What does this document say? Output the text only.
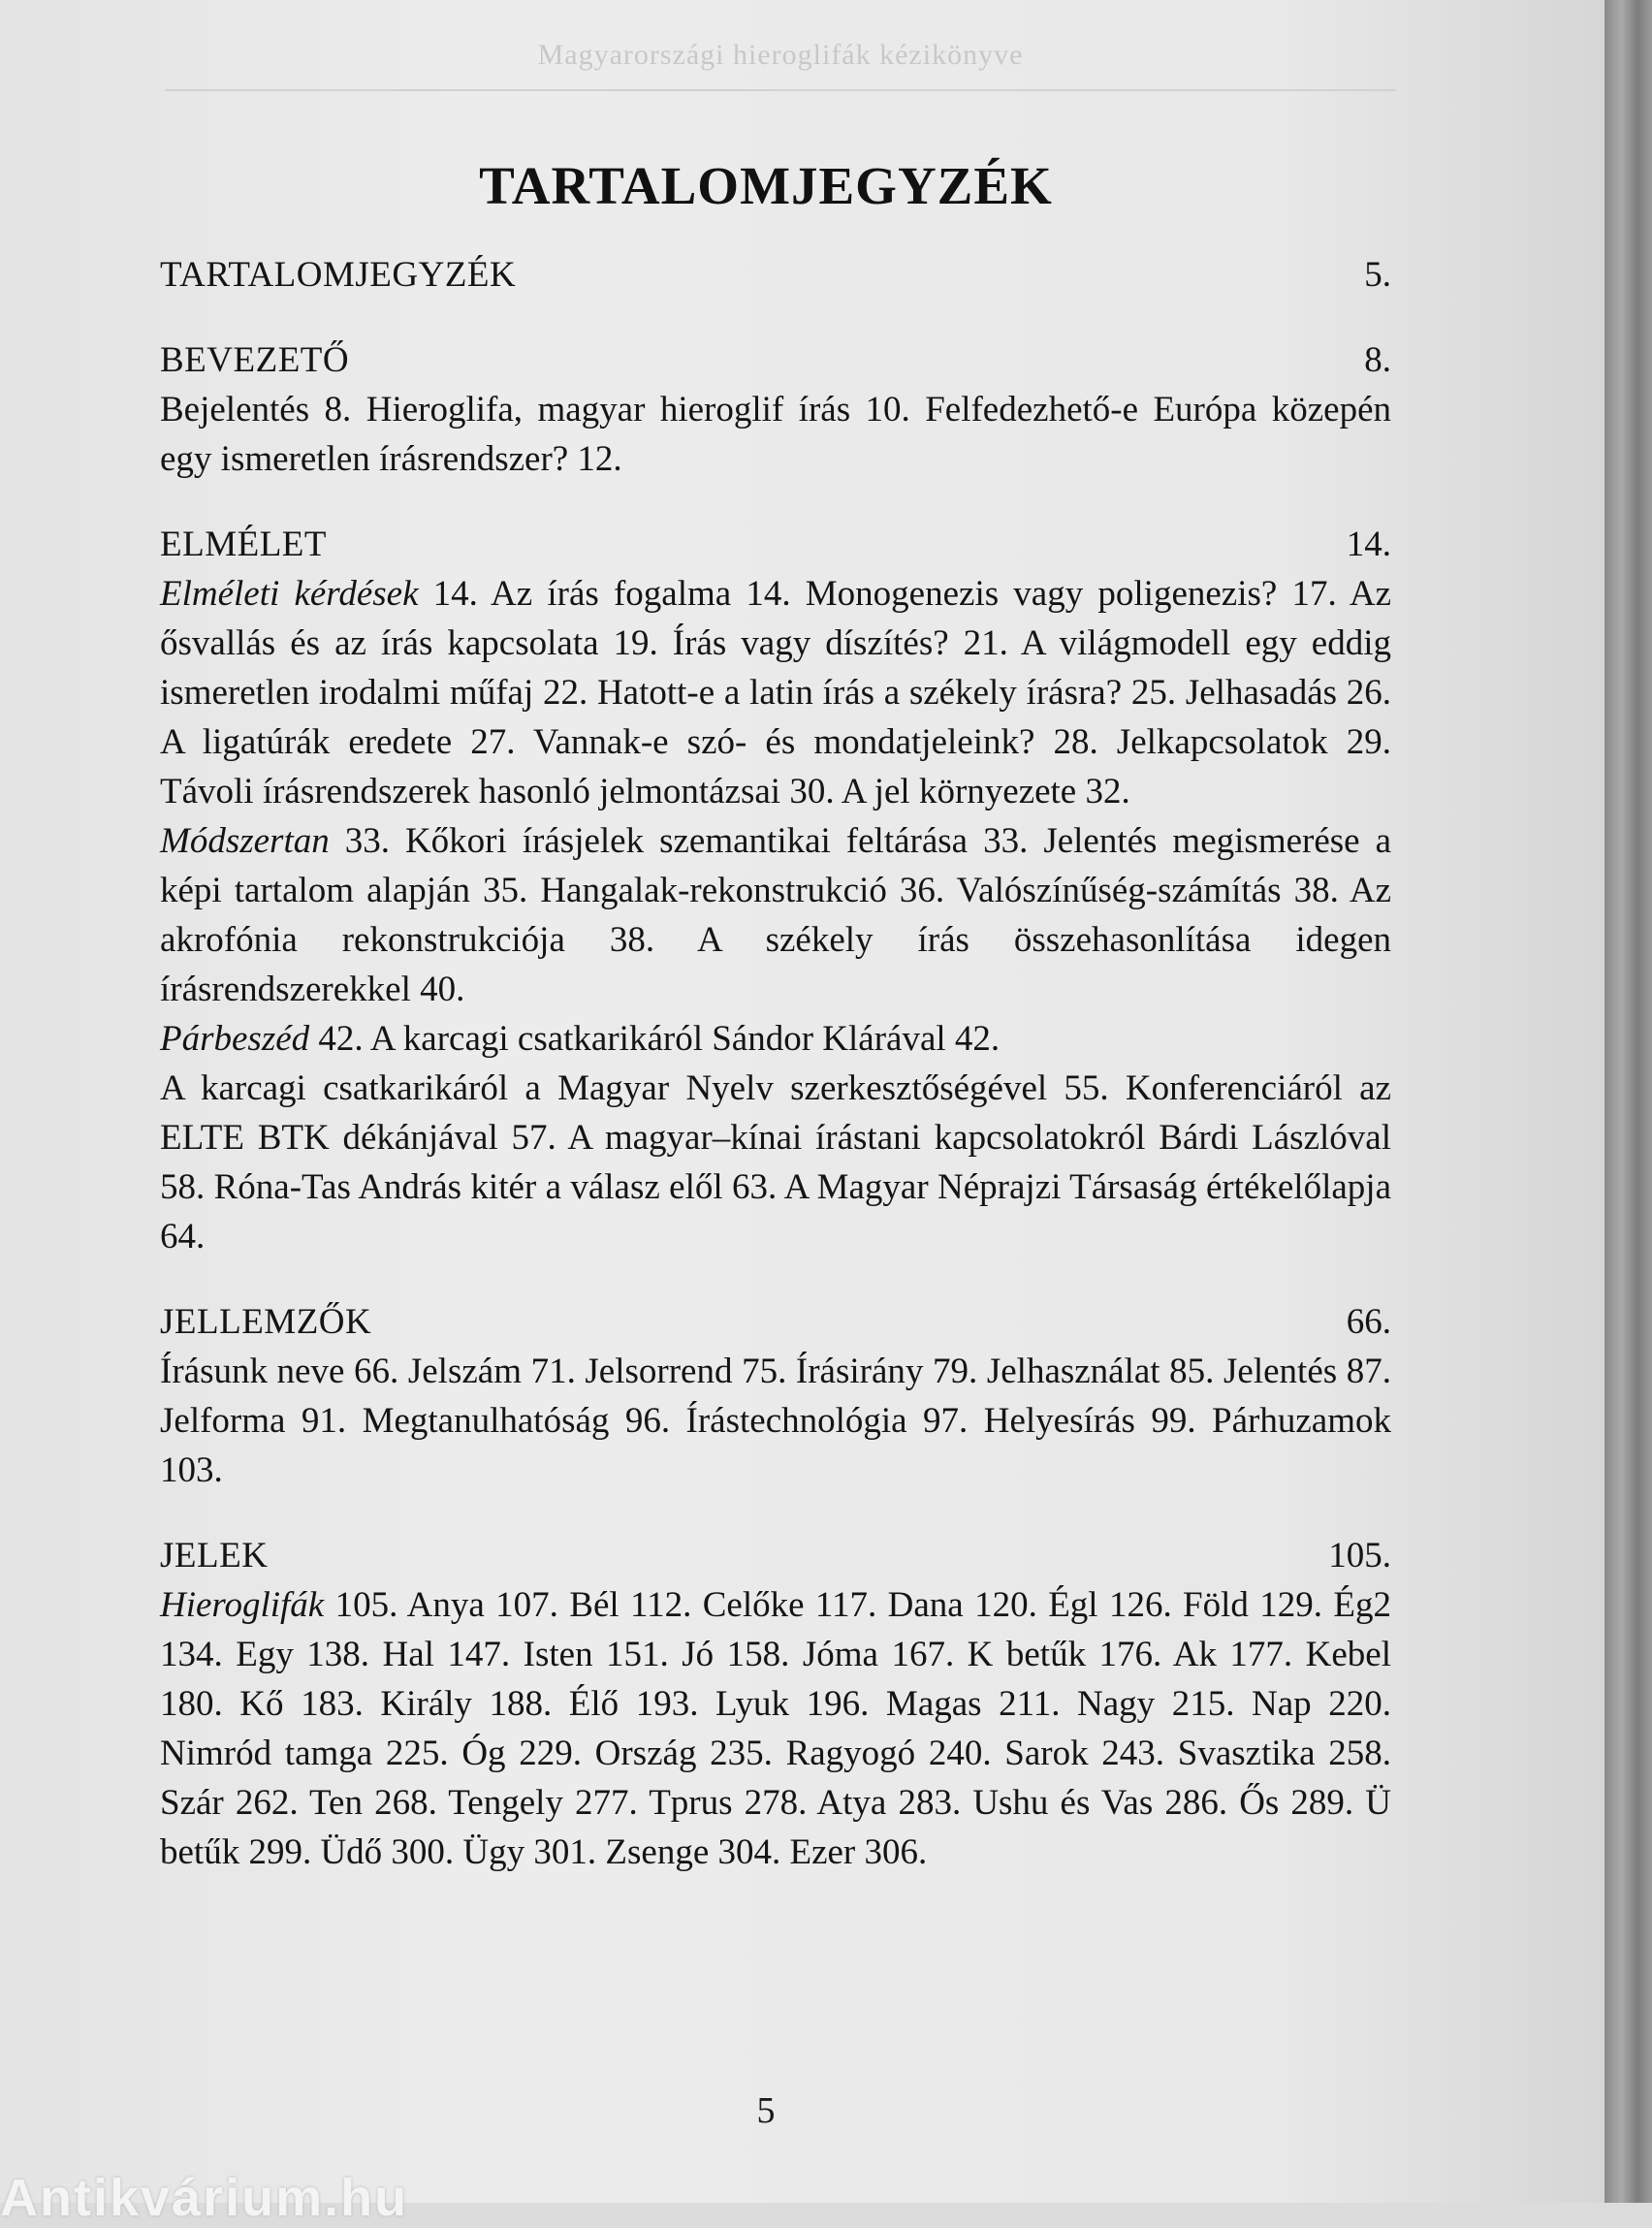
Magyarországi hieroglifák kézikönyve
TARTALOMJEGYZÉK
TARTALOMJEGYZÉK	5.
BEVEZETŐ	8.
Bejelentés 8. Hieroglifa, magyar hieroglif írás 10. Felfedezhető-e Európa közepén egy ismeretlen írásrendszer? 12.
ELMÉLET	14.
Elméleti kérdések 14. Az írás fogalma 14. Monogenezis vagy poligenezis? 17. Az ősvallás és az írás kapcsolata 19. Írás vagy díszítés? 21. A világmodell egy eddig ismeretlen irodalmi műfaj 22. Hatott-e a latin írás a székely írásra? 25. Jelhasadás 26. A ligatúrák eredete 27. Vannak-e szó- és mondatjeleink? 28. Jelkapcsolatok 29. Távoli írásrendszerek hasonló jelmontázsai 30. A jel környezete 32.
Módszertan 33. Kőkori írásjelek szemantikai feltárása 33. Jelentés megismerése a képi tartalom alapján 35. Hangalak-rekonstrukció 36. Valószínűség-számítás 38. Az akrofónia rekonstrukciója 38. A székely írás összehasonlítása idegen írásrendszerekkel 40.
Párbeszéd 42. A karcagi csatkarikáról Sándor Klárával 42.
A karcagi csatkarikáról a Magyar Nyelv szerkesztőségével 55. Konferenciáról az ELTE BTK dékánjával 57. A magyar–kínai írástani kapcsolatokról Bárdi Lászlóval 58. Róna-Tas András kitér a válasz elől 63. A Magyar Néprajzi Társaság értékelőlapja 64.
JELLEMZŐK	66.
Írásunk neve 66. Jelszám 71. Jelsorrend 75. Írásirány 79. Jelhasználat 85. Jelentés 87. Jelforma 91. Megtanulhatóság 96. Írástechnológia 97. Helyesírás 99. Párhuzamok 103.
JELEK	105.
Hieroglifák 105. Anya 107. Bél 112. Celőke 117. Dana 120. Égl 126. Föld 129. Ég2 134. Egy 138. Hal 147. Isten 151. Jó 158. Jóma 167. K betűk 176. Ak 177. Kebel 180. Kő 183. Király 188. Élő 193. Lyuk 196. Magas 211. Nagy 215. Nap 220. Nimród tamga 225. Óg 229. Ország 235. Ragyogó 240. Sarok 243. Svasztika 258. Szár 262. Ten 268. Tengely 277. Tprus 278. Atya 283. Ushu és Vas 286. Ős 289. Ü betűk 299. Üdő 300. Ügy 301. Zsenge 304. Ezer 306.
5
Antikvárium.hu
